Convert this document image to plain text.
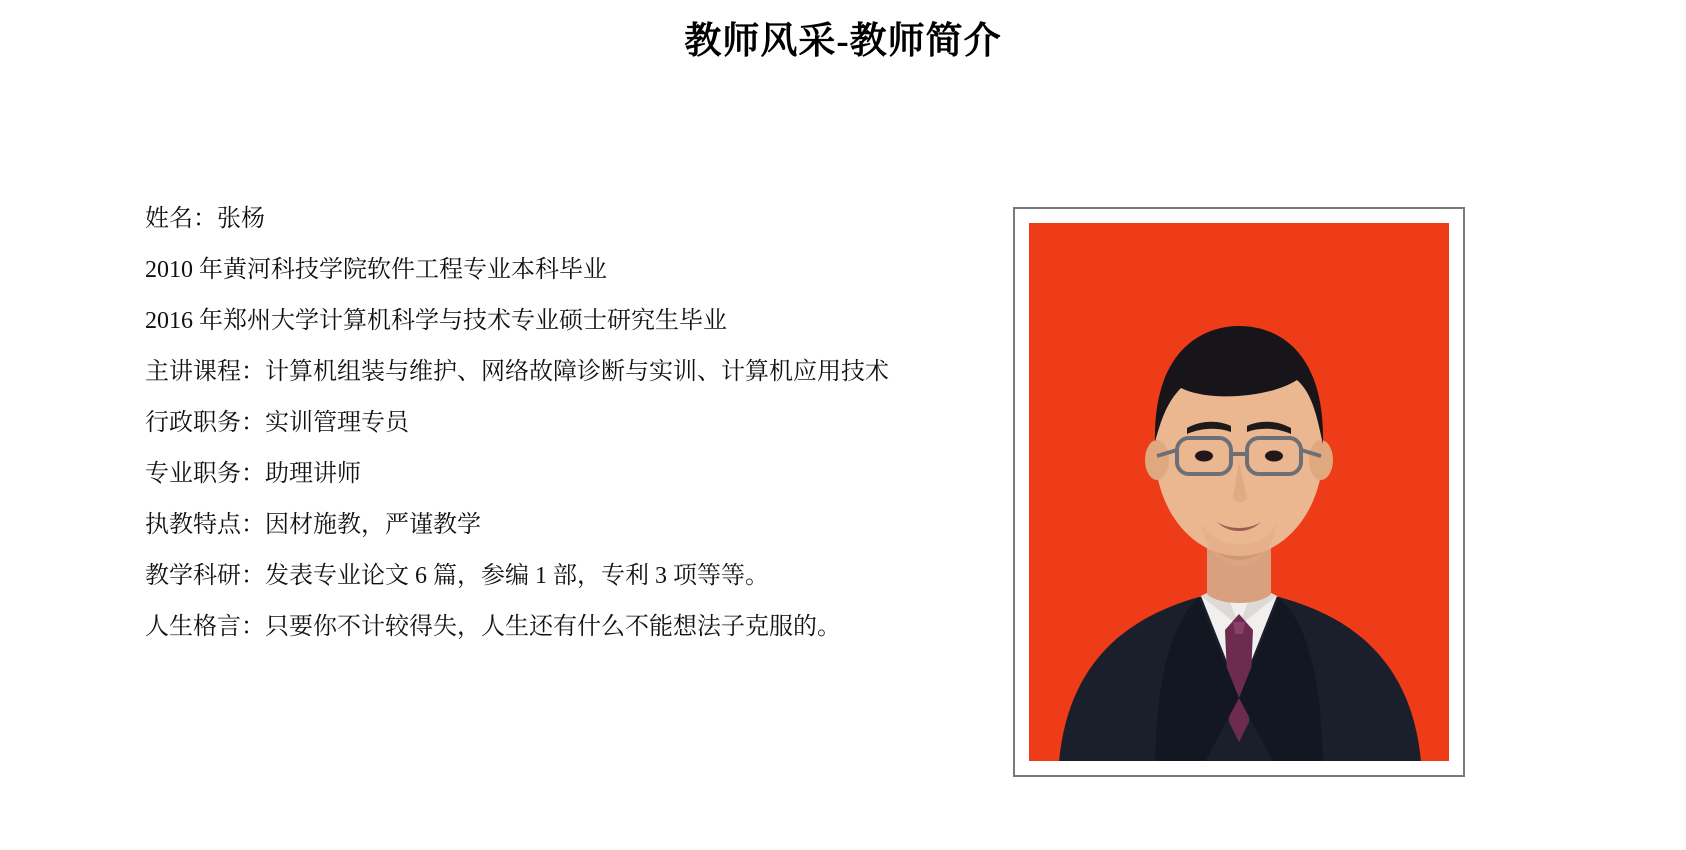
教师风采-教师简介
姓名：张杨
2010 年黄河科技学院软件工程专业本科毕业
2016 年郑州大学计算机科学与技术专业硕士研究生毕业
主讲课程：计算机组装与维护、网络故障诊断与实训、计算机应用技术
行政职务：实训管理专员
专业职务：助理讲师
执教特点：因材施教，严谨教学
教学科研：发表专业论文 6 篇，参编 1 部，专利 3 项等等。
人生格言：只要你不计较得失，人生还有什么不能想法子克服的。
